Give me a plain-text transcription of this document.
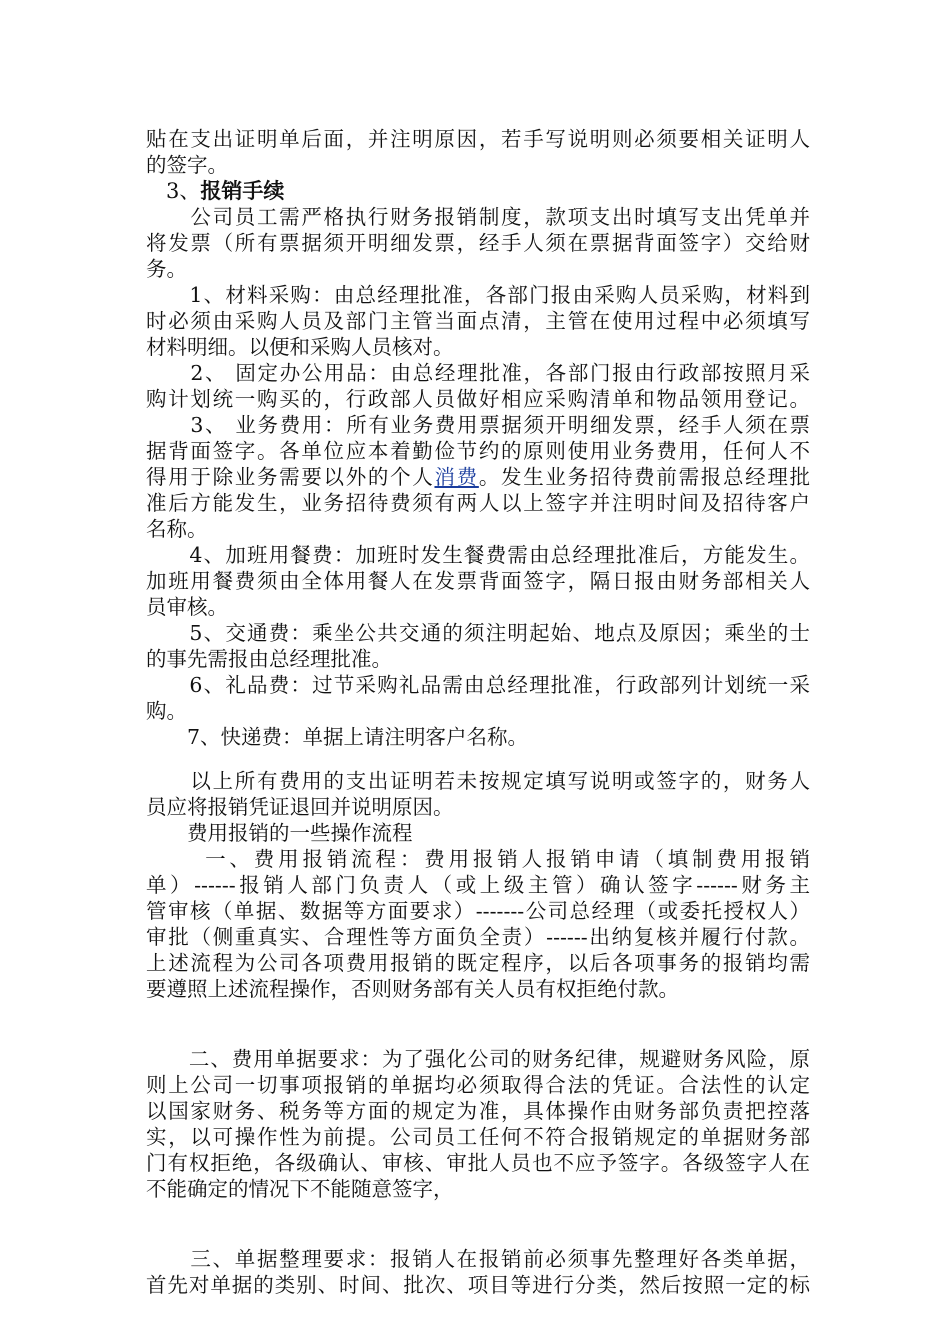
贴在支出证明单后面，并注明原因，若手写说明则必须要相关证明人
的签字。
3、报销手续
　　公司员工需严格执行财务报销制度，款项支出时填写支出凭单并
将发票（所有票据须开明细发票，经手人须在票据背面签字）交给财
务。
　　1、材料采购：由总经理批准，各部门报由采购人员采购，材料到
时必须由采购人员及部门主管当面点清，主管在使用过程中必须填写
材料明细。以便和采购人员核对。
　　2、 固定办公用品：由总经理批准，各部门报由行政部按照月采
购计划统一购买的，行政部人员做好相应采购清单和物品领用登记。
　　3、 业务费用：所有业务费用票据须开明细发票，经手人须在票
据背面签字。各单位应本着勤俭节约的原则使用业务费用，任何人不
得用于除业务需要以外的个人消费。发生业务招待费前需报总经理批
准后方能发生，业务招待费须有两人以上签字并注明时间及招待客户
名称。
　　4、加班用餐费：加班时发生餐费需由总经理批准后，方能发生。
加班用餐费须由全体用餐人在发票背面签字，隔日报由财务部相关人
员审核。
　　5、交通费：乘坐公共交通的须注明起始、地点及原因；乘坐的士
的事先需报由总经理批准。
　　6、礼品费：过节采购礼品需由总经理批准，行政部列计划统一采
购。
　　7、快递费：单据上请注明客户名称。
　　以上所有费用的支出证明若未按规定填写说明或签字的，财务人
员应将报销凭证退回并说明原因。
　　费用报销的一些操作流程
　　 一、费用报销流程：费用报销人报销申请（填制费用报销
单）------报销人部门负责人（或上级主管）确认签字------财务主
管审核（单据、数据等方面要求）-------公司总经理（或委托授权人）
审批（侧重真实、合理性等方面负全责）------出纳复核并履行付款。
上述流程为公司各项费用报销的既定程序，以后各项事务的报销均需
要遵照上述流程操作，否则财务部有关人员有权拒绝付款。
　　二、费用单据要求：为了强化公司的财务纪律，规避财务风险，原
则上公司一切事项报销的单据均必须取得合法的凭证。合法性的认定
以国家财务、税务等方面的规定为准，具体操作由财务部负责把控落
实，以可操作性为前提。公司员工任何不符合报销规定的单据财务部
门有权拒绝，各级确认、审核、审批人员也不应予签字。各级签字人在
不能确定的情况下不能随意签字，
　　三、单据整理要求：报销人在报销前必须事先整理好各类单据，
首先对单据的类别、时间、批次、项目等进行分类，然后按照一定的标
